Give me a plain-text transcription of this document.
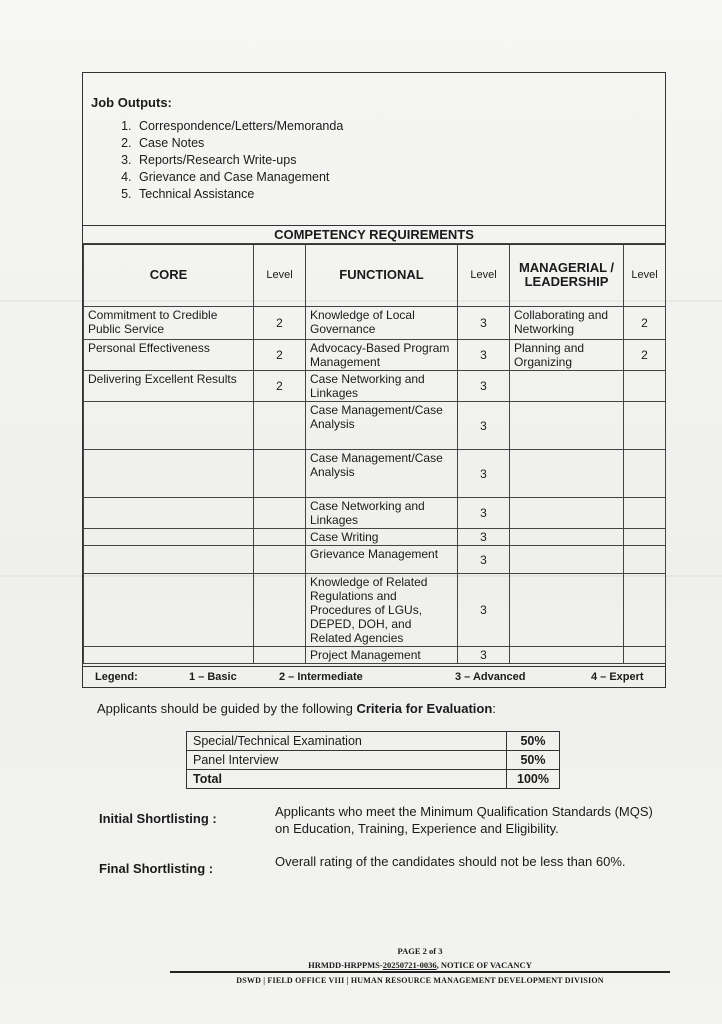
Job Outputs:
1. Correspondence/Letters/Memoranda
2. Case Notes
3. Reports/Research Write-ups
4. Grievance and Case Management
5. Technical Assistance
COMPETENCY REQUIREMENTS
CORE	Level	FUNCTIONAL	Level	MANAGERIAL / LEADERSHIP	Level
Commitment to Credible Public Service	2	Knowledge of Local Governance	3	Collaborating and Networking	2
Personal Effectiveness	2	Advocacy-Based Program Management	3	Planning and Organizing	2
Delivering Excellent Results	2	Case Networking and Linkages	3		
		Case Management/Case Analysis	3		
		Case Management/Case Analysis	3		
		Case Networking and Linkages	3		
		Case Writing	3		
		Grievance Management	3		
		Knowledge of Related Regulations and Procedures of LGUs, DEPED, DOH, and Related Agencies	3		
		Project Management	3		
Legend:	1 – Basic	2 – Intermediate	3 – Advanced	4 – Expert
Applicants should be guided by the following Criteria for Evaluation:
Special/Technical Examination	50%
Panel Interview	50%
Total	100%
Initial Shortlisting :	Applicants who meet the Minimum Qualification Standards (MQS) on Education, Training, Experience and Eligibility.
Final Shortlisting :	Overall rating of the candidates should not be less than 60%.
PAGE 2 of 3
HRMDD-HRPPMS-20250721-0036, NOTICE OF VACANCY
DSWD | FIELD OFFICE VIII | HUMAN RESOURCE MANAGEMENT DEVELOPMENT DIVISION
